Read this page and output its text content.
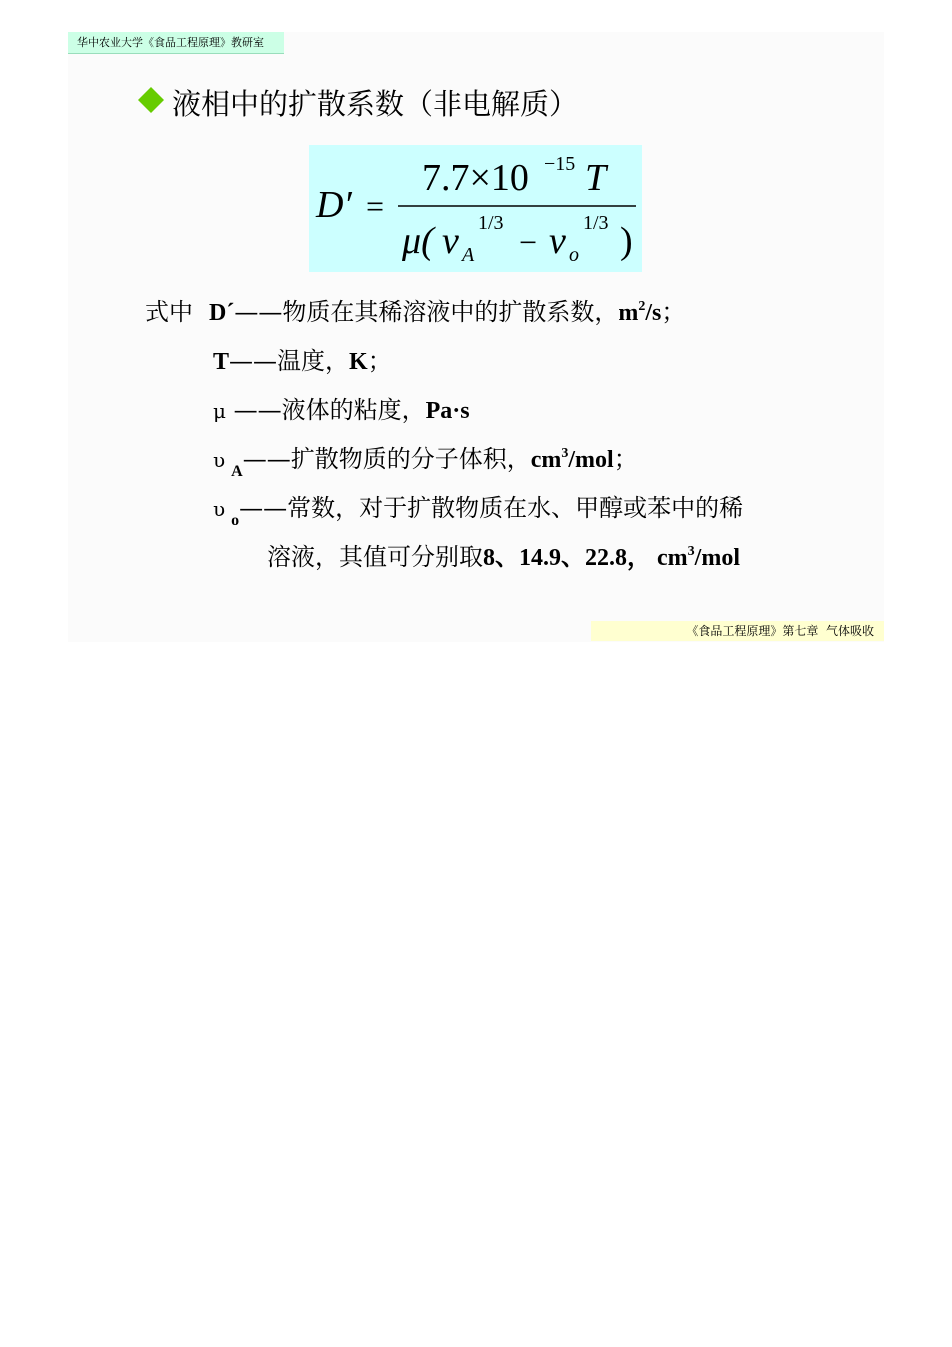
华中农业大学《食品工程原理》教研室
液相中的扩散系数（非电解质）
D′ =
7.7×10 −15 T
μ( v A
1/3
− v o
1/3 )
式中 D´——物质在其稀溶液中的扩散系数，$m^2/s$；
T——温度，K；
μ ——液体的粘度，Pa·s
υ $_A$——扩散物质的分子体积，$cm^3$/mol；
υ $_o$——常数，对于扩散物质在水、甲醇或苯中的稀
溶液，其值可分别取8、14.9、22.8， $cm^3$/mol
《食品工程原理》第七章  气体吸收
